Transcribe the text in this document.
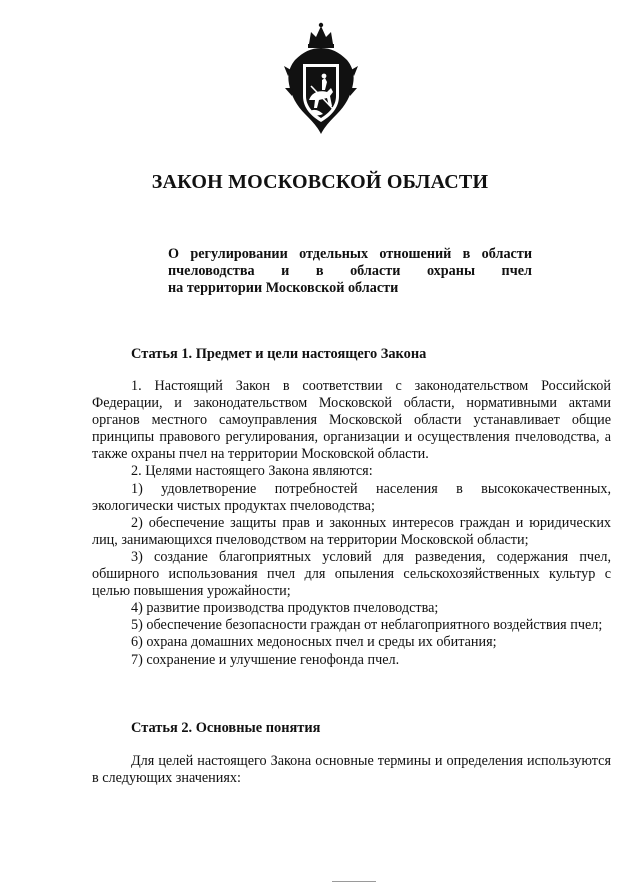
ЗАКОН МОСКОВСКОЙ ОБЛАСТИ
О регулировании отдельных отношений в области
пчеловодства и в области охраны пчел
на территории Московской области
Статья 1. Предмет и цели настоящего Закона

1. Настоящий Закон в соответствии с законодательством Российской Федерации, и законодательством Московской области, нормативными актами органов местного самоуправления Московской области устанавливает общие принципы правового регулирования, организации и осуществления пчеловодства, а также охраны пчел на территории Московской области.

2. Целями настоящего Закона являются:

1) удовлетворение потребностей населения в высококачественных, экологически чистых продуктах пчеловодства;

2) обеспечение защиты прав и законных интересов граждан и юридических лиц, занимающихся пчеловодством на территории Московской области;

3) создание благоприятных условий для разведения, содержания пчел, обширного использования пчел для опыления сельскохозяйственных культур с целью повышения урожайности;

4) развитие производства продуктов пчеловодства;

5) обеспечение безопасности граждан от неблагоприятного воздействия пчел;

6) охрана домашних медоносных пчел и среды их обитания;

7) сохранение и улучшение генофонда пчел.

Статья 2. Основные понятия

Для целей настоящего Закона основные термины и определения используются в следующих значениях:
